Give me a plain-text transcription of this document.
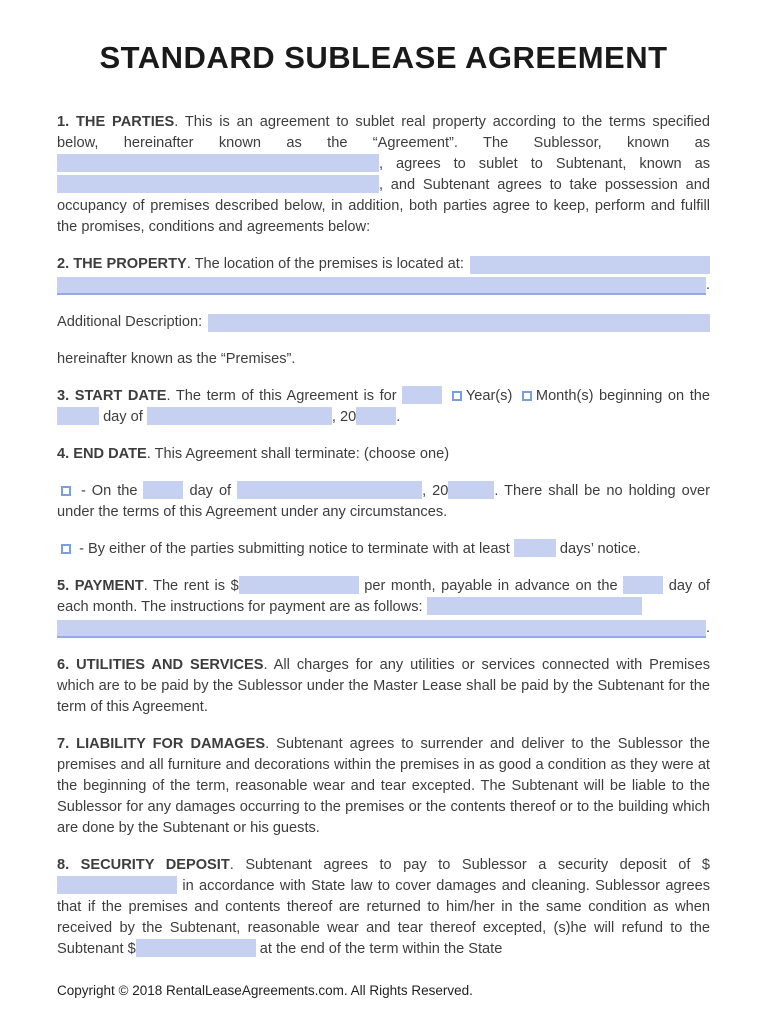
STANDARD SUBLEASE AGREEMENT

1. THE PARTIES. This is an agreement to sublet real property according to the terms specified below, hereinafter known as the “Agreement”. The Sublessor, known as , agrees to sublet to Subtenant, known as , and Subtenant agrees to take possession and occupancy of premises described below, in addition, both parties agree to keep, perform and fulfill the promises, conditions and agreements below:

2. THE PROPERTY. The location of the premises is located at:
.

Additional Description:

hereinafter known as the “Premises”.

3. START DATE. The term of this Agreement is for	Year(s) Month(s) beginning on the  day of	, 20	.

4. END DATE. This Agreement shall terminate: (choose one)

- On the	day of	, 20	. There shall be no holding over under the terms of this Agreement under any circumstances.

- By either of the parties submitting notice to terminate with at least	days’ notice.

5. PAYMENT. The rent is $	per month, payable in advance on the	day of each month. The instructions for payment are as follows:
.

6. UTILITIES AND SERVICES. All charges for any utilities or services connected with Premises which are to be paid by the Sublessor under the Master Lease shall be paid by the Subtenant for the term of this Agreement.

7. LIABILITY FOR DAMAGES. Subtenant agrees to surrender and deliver to the Sublessor the premises and all furniture and decorations within the premises in as good a condition as they were at the beginning of the term, reasonable wear and tear excepted. The Subtenant will be liable to the Sublessor for any damages occurring to the premises or the contents thereof or to the building which are done by the Subtenant or his guests.

8. SECURITY DEPOSIT. Subtenant agrees to pay to Sublessor a security deposit of $ in accordance with State law to cover damages and cleaning. Sublessor agrees that if the premises and contents thereof are returned to him/her in the same condition as when received by the Subtenant, reasonable wear and tear thereof excepted, (s)he will refund to the Subtenant $	at the end of the term within the State

Copyright © 2018 RentalLeaseAgreements.com. All Rights Reserved.
